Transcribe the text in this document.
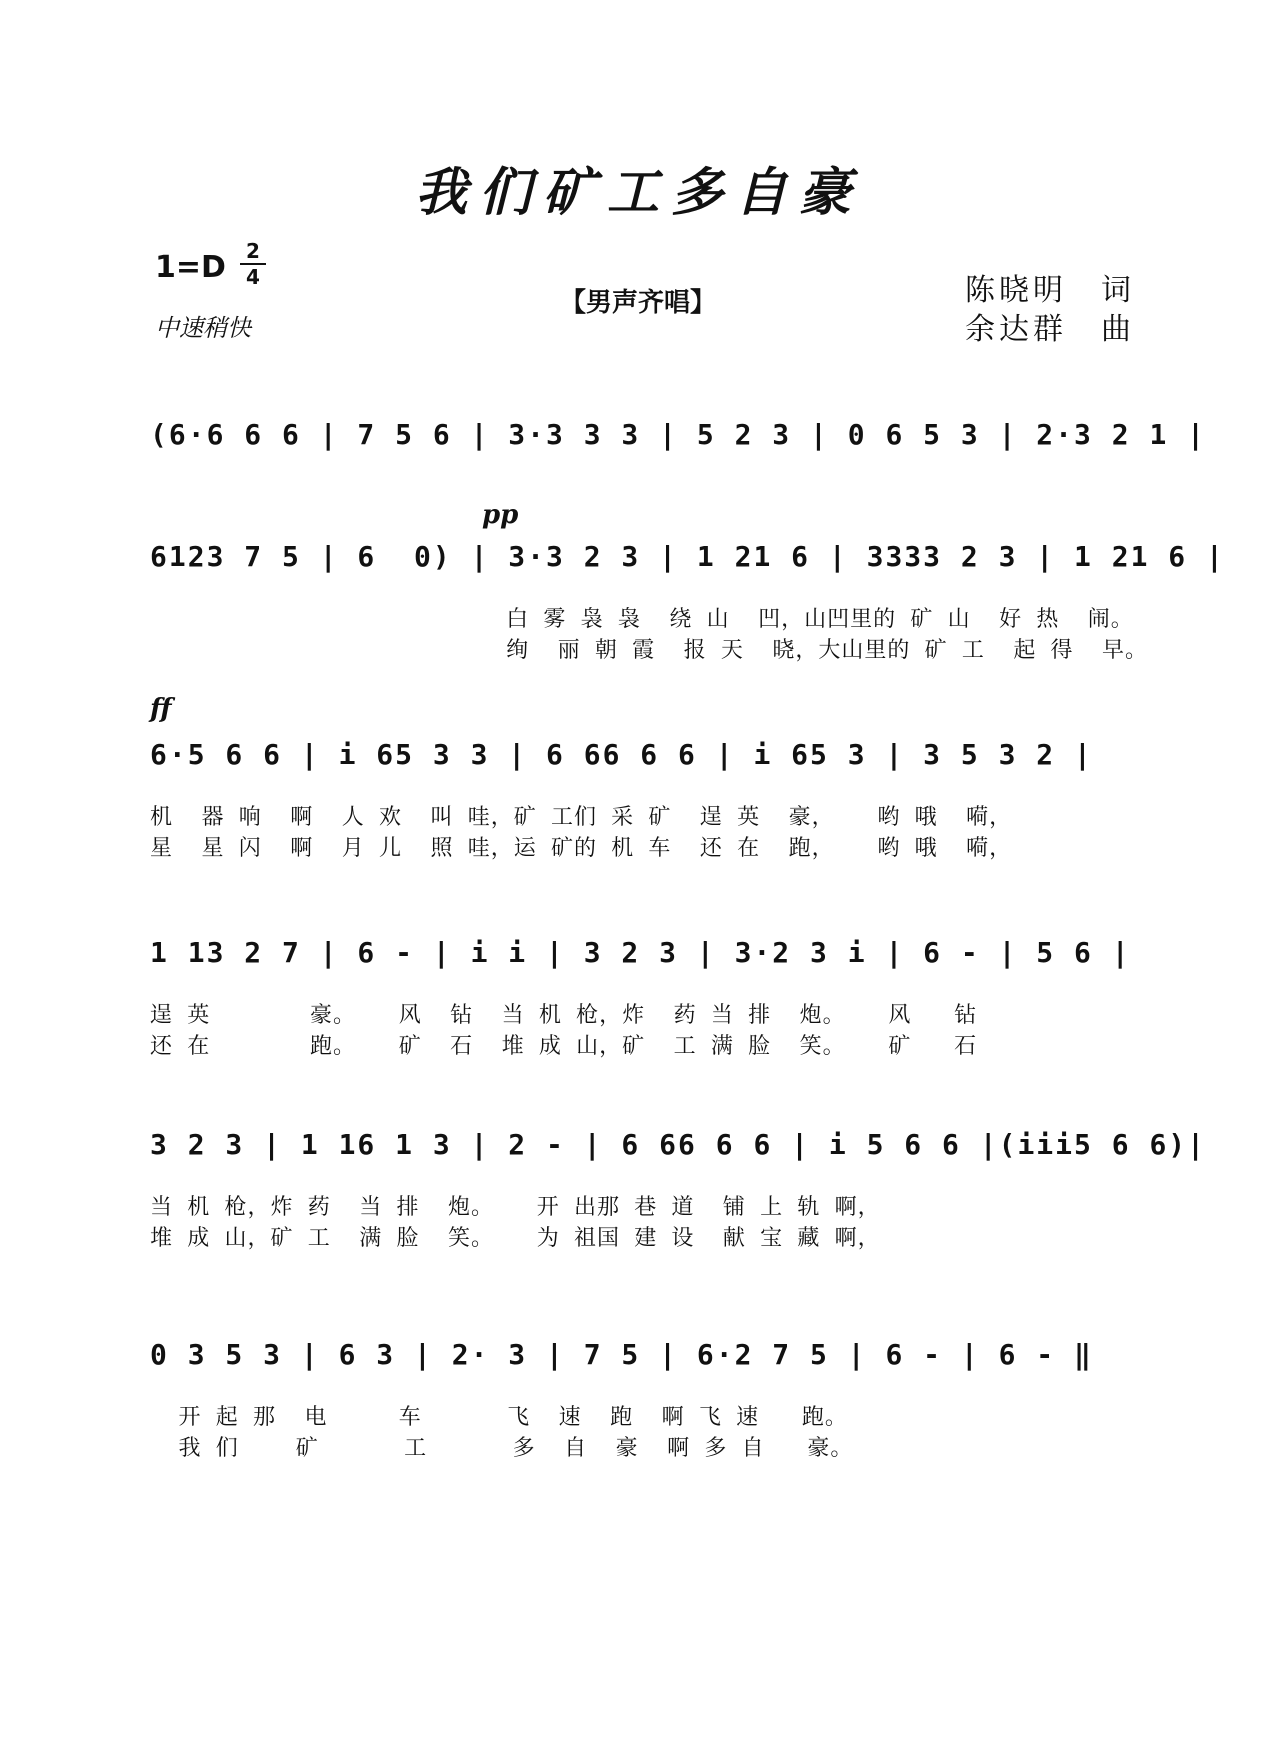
我们矿工多自豪
1=D	2
4
中速稍快
【男声齐唱】	陈晓明　词
余达群　曲
pp
ff
(6·6 6 6 | 7 5 6 | 3·3 3 3 | 5 2 3 | 0 6 5 3 | 2·3 2 1 |
6123 7 5 | 6  0) | 3·3 2 3 | 1 21 6 | 3333 2 3 | 1 21 6 |
白 雾 袅 袅  绕 山  凹，山凹里的 矿 山  好 热  闹。
绚  丽 朝 霞  报 天  晓，大山里的 矿 工  起 得  早。
6·5 6 6 | i 65 3 3 | 6 66 6 6 | i 65 3 | 3 5 3 2 |
机  器 响  啊  人 欢  叫 哇，矿 工们 采 矿  逞 英  豪，   哟 哦  嗬，
星  星 闪  啊  月 儿  照 哇，运 矿的 机 车  还 在  跑，   哟 哦  嗬，
1 13 2 7 | 6 - | i i | 3 2 3 | 3·2 3 i | 6 - | 5 6 |
逞 英       豪。   风  钻  当 机 枪，炸  药 当 排  炮。   风   钻
还 在       跑。   矿  石  堆 成 山，矿  工 满 脸  笑。   矿   石
3 2 3 | 1 16 1 3 | 2 - | 6 66 6 6 | i 5 6 6 |(iii5 6 6)|
当 机 枪，炸 药  当 排  炮。   开 出那 巷 道  铺 上 轨 啊，
堆 成 山，矿 工  满 脸  笑。   为 祖国 建 设  献 宝 藏 啊，
0 3 5 3 | 6 3 | 2· 3 | 7 5 | 6·2 7 5 | 6 - | 6 - ‖
开 起 那  电     车      飞  速  跑  啊 飞 速   跑。
我 们    矿      工      多  自  豪  啊 多 自   豪。
